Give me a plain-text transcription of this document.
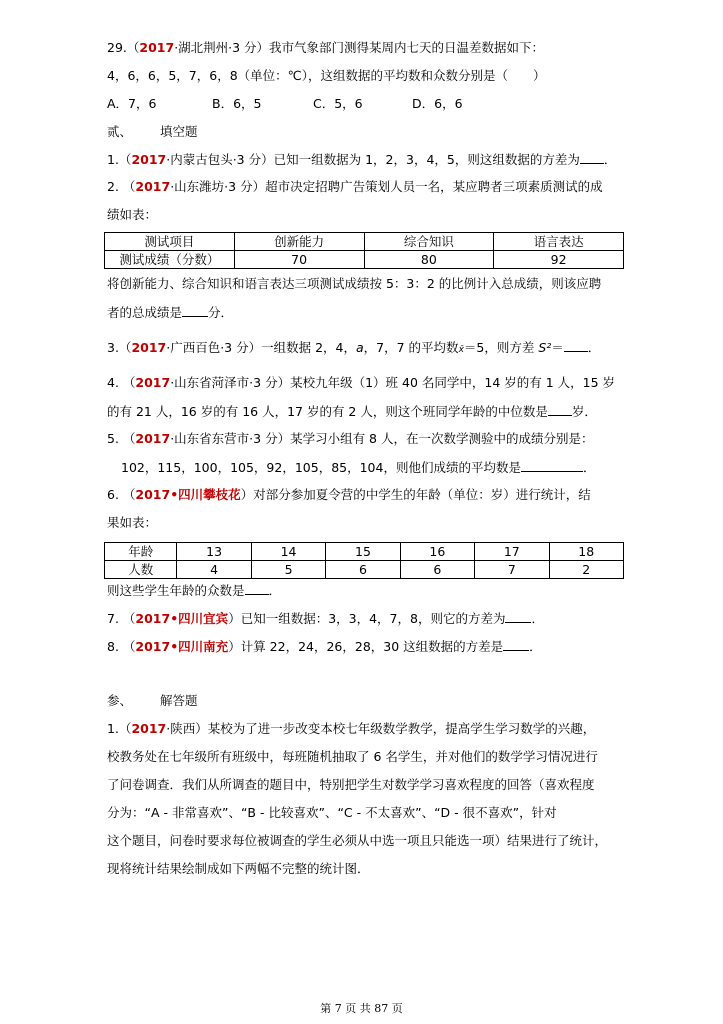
29.（2017·湖北荆州·3 分）我市气象部门测得某周内七天的日温差数据如下：
4，6，6，5，7，6，8（单位：℃），这组数据的平均数和众数分别是（　　）
A．7，6	B．6，5	C．5，6	D．6，6
贰、 填空题
1.（2017·内蒙古包头·3 分）已知一组数据为 1，2，3，4，5，则这组数据的方差为 ．
2. （2017·山东潍坊·3 分）超市决定招聘广告策划人员一名，某应聘者三项素质测试的成
绩如表：
测试项目	创新能力	综合知识	语言表达
测试成绩（分数）	70	80	92
将创新能力、综合知识和语言表达三项测试成绩按 5：3：2 的比例计入总成绩，则该应聘
者的总成绩是 分．
3.（2017·广西百色·3 分）一组数据 2，4，a，7，7 的平均数x̄＝5，则方差 S²＝ ．
4. （2017·山东省菏泽市·3 分）某校九年级（1）班 40 名同学中，14 岁的有 1 人，15 岁
的有 21 人，16 岁的有 16 人，17 岁的有 2 人，则这个班同学年龄的中位数是 岁．
5. （2017·山东省东营市·3 分）某学习小组有 8 人，在一次数学测验中的成绩分别是：
102，115，100，105，92，105，85，104，则他们成绩的平均数是	．
6. （2017•四川攀枝花）对部分参加夏令营的中学生的年龄（单位：岁）进行统计，结
果如表：
年龄	13	14	15	16	17	18
人数	4	5	6	6	7	2
则这些学生年龄的众数是 ．
7. （2017•四川宜宾）已知一组数据：3，3，4，7，8，则它的方差为 ．
8. （2017•四川南充）计算 22，24，26，28，30 这组数据的方差是 ．
参、 解答题
1.（2017·陕西）某校为了进一步改变本校七年级数学教学，提高学生学习数学的兴趣，
校教务处在七年级所有班级中，每班随机抽取了 6 名学生，并对他们的数学学习情况进行
了问卷调查．我们从所调查的题目中，特别把学生对数学学习喜欢程度的回答（喜欢程度
分为：“A - 非常喜欢”、“B - 比较喜欢”、“C - 不太喜欢”、“D - 很不喜欢”，针对
这个题目，问卷时要求每位被调查的学生必须从中选一项且只能选一项）结果进行了统计，
现将统计结果绘制成如下两幅不完整的统计图．
第 7 页 共 87 页
